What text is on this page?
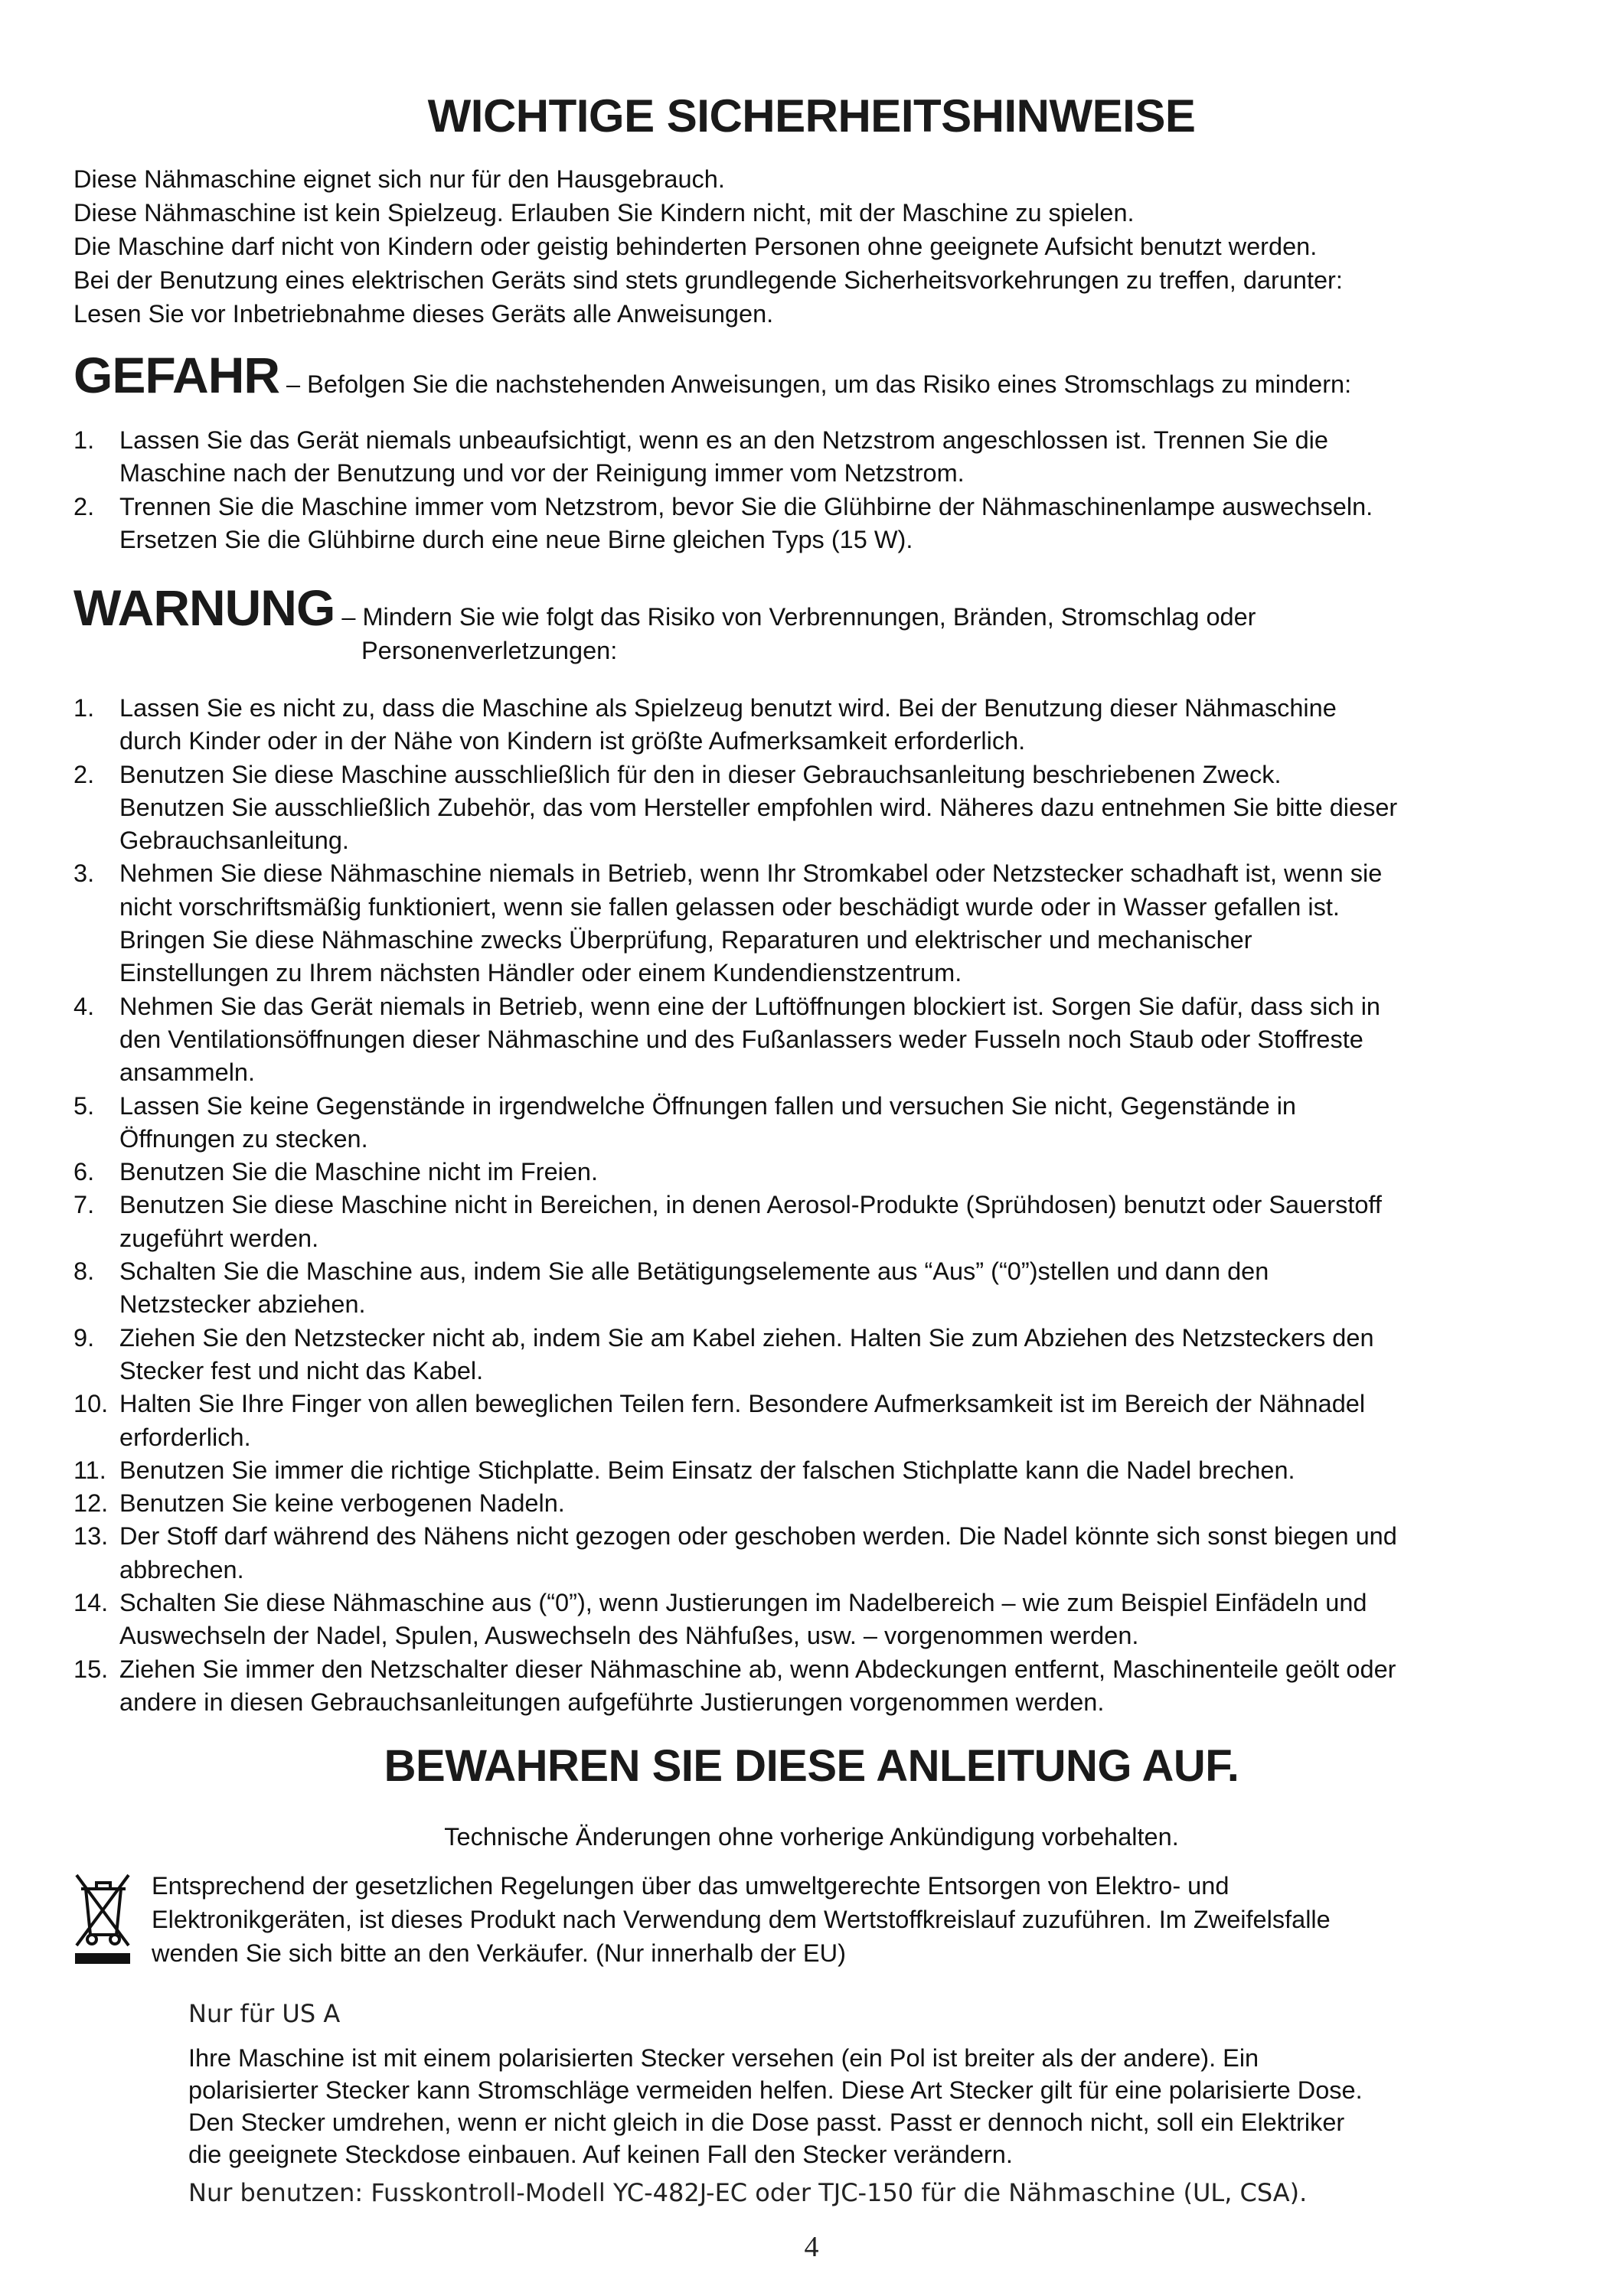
WICHTIGE SICHERHEITSHINWEISE
Diese Nähmaschine eignet sich nur für den Hausgebrauch.
Diese Nähmaschine ist kein Spielzeug. Erlauben Sie Kindern nicht, mit der Maschine zu spielen.
Die Maschine darf nicht von Kindern oder geistig behinderten Personen ohne geeignete Aufsicht benutzt werden.
Bei der Benutzung eines elektrischen Geräts sind stets grundlegende Sicherheitsvorkehrungen zu treffen, darunter:
Lesen Sie vor Inbetriebnahme dieses Geräts alle Anweisungen.
GEFAHR – Befolgen Sie die nachstehenden Anweisungen, um das Risiko eines Stromschlags zu mindern:
1. Lassen Sie das Gerät niemals unbeaufsichtigt, wenn es an den Netzstrom angeschlossen ist. Trennen Sie die
Maschine nach der Benutzung und vor der Reinigung immer vom Netzstrom.
2. Trennen Sie die Maschine immer vom Netzstrom, bevor Sie die Glühbirne der Nähmaschinenlampe auswechseln.
Ersetzen Sie die Glühbirne durch eine neue Birne gleichen Typs (15 W).
WARNUNG – Mindern Sie wie folgt das Risiko von Verbrennungen, Bränden, Stromschlag oder
Personenverletzungen:
1. Lassen Sie es nicht zu, dass die Maschine als Spielzeug benutzt wird. Bei der Benutzung dieser Nähmaschine
durch Kinder oder in der Nähe von Kindern ist größte Aufmerksamkeit erforderlich.
2. Benutzen Sie diese Maschine ausschließlich für den in dieser Gebrauchsanleitung beschriebenen Zweck.
Benutzen Sie ausschließlich Zubehör, das vom Hersteller empfohlen wird. Näheres dazu entnehmen Sie bitte dieser
Gebrauchsanleitung.
3. Nehmen Sie diese Nähmaschine niemals in Betrieb, wenn Ihr Stromkabel oder Netzstecker schadhaft ist, wenn sie
nicht vorschriftsmäßig funktioniert, wenn sie fallen gelassen oder beschädigt wurde oder in Wasser gefallen ist.
Bringen Sie diese Nähmaschine zwecks Überprüfung, Reparaturen und elektrischer und mechanischer
Einstellungen zu Ihrem nächsten Händler oder einem Kundendienstzentrum.
4. Nehmen Sie das Gerät niemals in Betrieb, wenn eine der Luftöffnungen blockiert ist. Sorgen Sie dafür, dass sich in
den Ventilationsöffnungen dieser Nähmaschine und des Fußanlassers weder Fusseln noch Staub oder Stoffreste
ansammeln.
5. Lassen Sie keine Gegenstände in irgendwelche Öffnungen fallen und versuchen Sie nicht, Gegenstände in
Öffnungen zu stecken.
6. Benutzen Sie die Maschine nicht im Freien.
7. Benutzen Sie diese Maschine nicht in Bereichen, in denen Aerosol-Produkte (Sprühdosen) benutzt oder Sauerstoff
zugeführt werden.
8. Schalten Sie die Maschine aus, indem Sie alle Betätigungselemente aus “Aus” (“0”)stellen und dann den
Netzstecker abziehen.
9. Ziehen Sie den Netzstecker nicht ab, indem Sie am Kabel ziehen. Halten Sie zum Abziehen des Netzsteckers den
Stecker fest und nicht das Kabel.
10. Halten Sie Ihre Finger von allen beweglichen Teilen fern. Besondere Aufmerksamkeit ist im Bereich der Nähnadel
erforderlich.
11. Benutzen Sie immer die richtige Stichplatte. Beim Einsatz der falschen Stichplatte kann die Nadel brechen.
12. Benutzen Sie keine verbogenen Nadeln.
13. Der Stoff darf während des Nähens nicht gezogen oder geschoben werden. Die Nadel könnte sich sonst biegen und
abbrechen.
14. Schalten Sie diese Nähmaschine aus (“0”), wenn Justierungen im Nadelbereich – wie zum Beispiel Einfädeln und
Auswechseln der Nadel, Spulen, Auswechseln des Nähfußes, usw. – vorgenommen werden.
15. Ziehen Sie immer den Netzschalter dieser Nähmaschine ab, wenn Abdeckungen entfernt, Maschinenteile geölt oder
andere in diesen Gebrauchsanleitungen aufgeführte Justierungen vorgenommen werden.
BEWAHREN SIE DIESE ANLEITUNG AUF.
Technische Änderungen ohne vorherige Ankündigung vorbehalten.
Entsprechend der gesetzlichen Regelungen über das umweltgerechte Entsorgen von Elektro- und
Elektronikgeräten, ist dieses Produkt nach Verwendung dem Wertstoffkreislauf zuzuführen. Im Zweifelsfalle
wenden Sie sich bitte an den Verkäufer. (Nur innerhalb der EU)
Nur für US A
Ihre Maschine ist mit einem polarisierten Stecker versehen (ein Pol ist breiter als der andere). Ein
polarisierter Stecker kann Stromschläge vermeiden helfen. Diese Art Stecker gilt für eine polarisierte Dose.
Den Stecker umdrehen, wenn er nicht gleich in die Dose passt. Passt er dennoch nicht, soll ein Elektriker
die geeignete Steckdose einbauen. Auf keinen Fall den Stecker verändern.
Nur benutzen: Fusskontroll-Modell YC-482J-EC oder TJC-150 für die Nähmaschine (UL, CSA).
4
